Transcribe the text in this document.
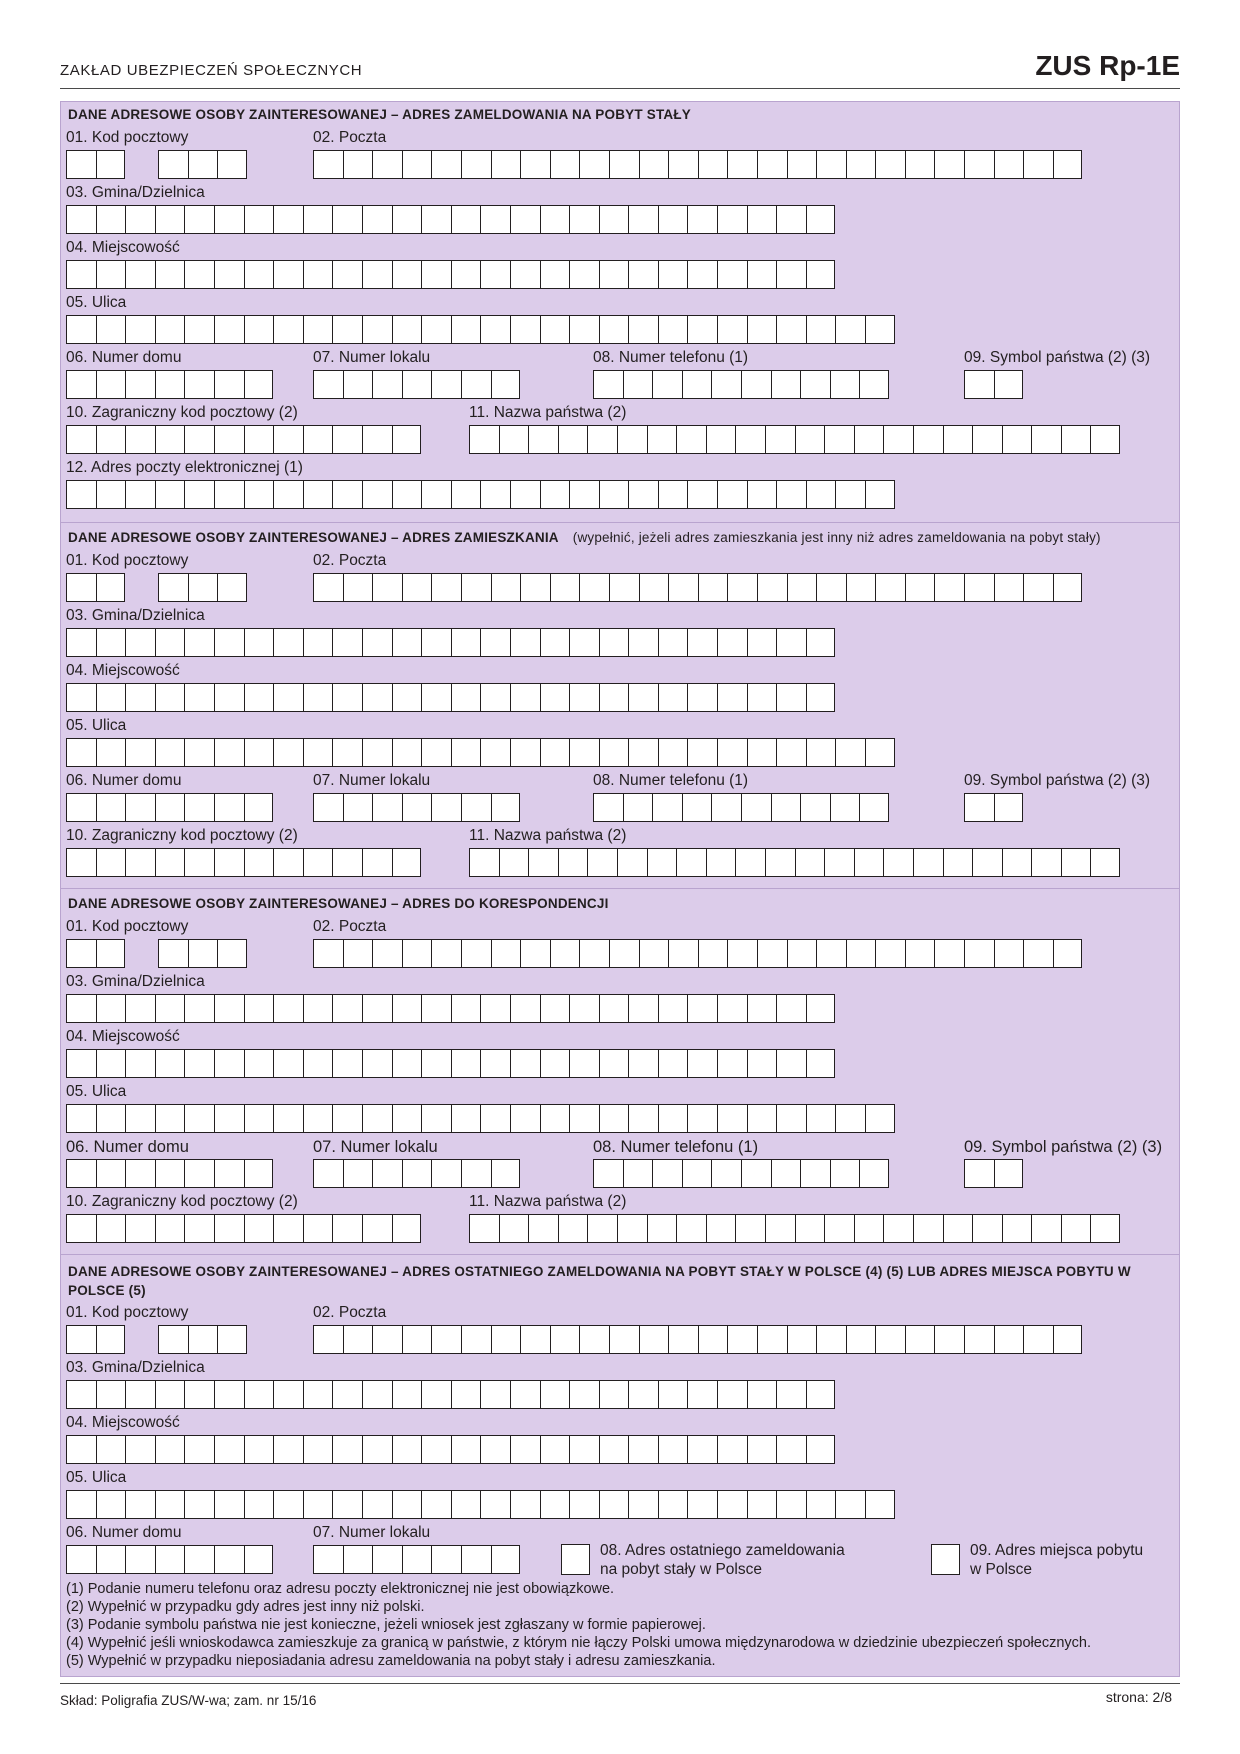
ZAKŁAD UBEZPIECZEŃ SPOŁECZNYCH	ZUS Rp-1E
DANE ADRESOWE OSOBY ZAINTERESOWANEJ – ADRES ZAMELDOWANIA NA POBYT STAŁY
01. Kod pocztowy	02. Poczta
03. Gmina/Dzielnica
04. Miejscowość
05. Ulica
06. Numer domu	07. Numer lokalu	08. Numer telefonu (1)	09. Symbol państwa (2) (3)
10. Zagraniczny kod pocztowy (2)	11. Nazwa państwa (2)
12. Adres poczty elektronicznej (1)
DANE ADRESOWE OSOBY ZAINTERESOWANEJ – ADRES ZAMIESZKANIA (wypełnić, jeżeli adres zamieszkania jest inny niż adres zameldowania na pobyt stały)
01. Kod pocztowy	02. Poczta
03. Gmina/Dzielnica
04. Miejscowość
05. Ulica
06. Numer domu	07. Numer lokalu	08. Numer telefonu (1)	09. Symbol państwa (2) (3)
10. Zagraniczny kod pocztowy (2)	11. Nazwa państwa (2)
DANE ADRESOWE OSOBY ZAINTERESOWANEJ – ADRES DO KORESPONDENCJI
01. Kod pocztowy	02. Poczta
03. Gmina/Dzielnica
04. Miejscowość
05. Ulica
06. Numer domu	07. Numer lokalu	08. Numer telefonu (1)	09. Symbol państwa (2) (3)
10. Zagraniczny kod pocztowy (2)	11. Nazwa państwa (2)
DANE ADRESOWE OSOBY ZAINTERESOWANEJ – ADRES OSTATNIEGO ZAMELDOWANIA NA POBYT STAŁY W POLSCE (4) (5) LUB ADRES MIEJSCA POBYTU W POLSCE (5)
01. Kod pocztowy	02. Poczta
03. Gmina/Dzielnica
04. Miejscowość
05. Ulica
06. Numer domu	07. Numer lokalu
08. Adres ostatniego zameldowania
na pobyt stały w Polsce
09. Adres miejsca pobytu
w Polsce
(1) Podanie numeru telefonu oraz adresu poczty elektronicznej nie jest obowiązkowe.
(2) Wypełnić w przypadku gdy adres jest inny niż polski.
(3) Podanie symbolu państwa nie jest konieczne, jeżeli wniosek jest zgłaszany w formie papierowej.
(4) Wypełnić jeśli wnioskodawca zamieszkuje za granicą w państwie, z którym nie łączy Polski umowa międzynarodowa w dziedzinie ubezpieczeń społecznych.
(5) Wypełnić w przypadku nieposiadania adresu zameldowania na pobyt stały i adresu zamieszkania.
Skład: Poligrafia ZUS/W-wa; zam. nr 15/16	strona: 2/8
